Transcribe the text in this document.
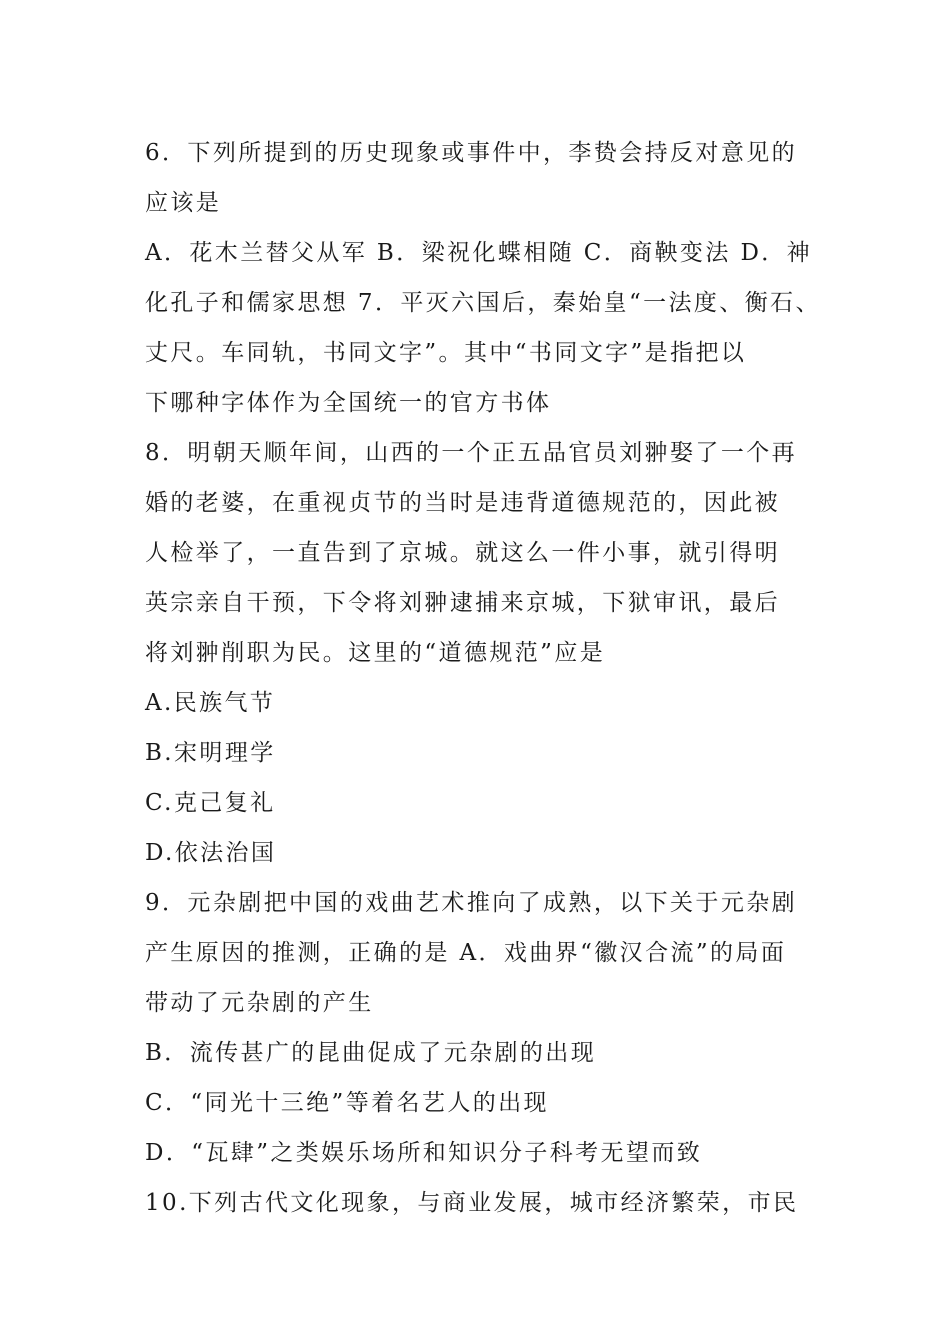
6．下列所提到的历史现象或事件中，李贽会持反对意见的
应该是
A．花木兰替父从军 B．梁祝化蝶相随 C．商鞅变法 D．神
化孔子和儒家思想 7．平灭六国后，秦始皇“一法度、衡石、
丈尺。车同轨，书同文字”。其中“书同文字”是指把以
下哪种字体作为全国统一的官方书体
8．明朝天顺年间，山西的一个正五品官员刘翀娶了一个再
婚的老婆，在重视贞节的当时是违背道德规范的，因此被
人检举了，一直告到了京城。就这么一件小事，就引得明
英宗亲自干预，下令将刘翀逮捕来京城，下狱审讯，最后
将刘翀削职为民。这里的“道德规范”应是
A.民族气节
B.宋明理学
C.克己复礼
D.依法治国
9．元杂剧把中国的戏曲艺术推向了成熟，以下关于元杂剧
产生原因的推测，正确的是 A．戏曲界“徽汉合流”的局面
带动了元杂剧的产生
B．流传甚广的昆曲促成了元杂剧的出现
C．“同光十三绝”等着名艺人的出现
D．“瓦肆”之类娱乐场所和知识分子科考无望而致
10.下列古代文化现象，与商业发展，城市经济繁荣，市民
